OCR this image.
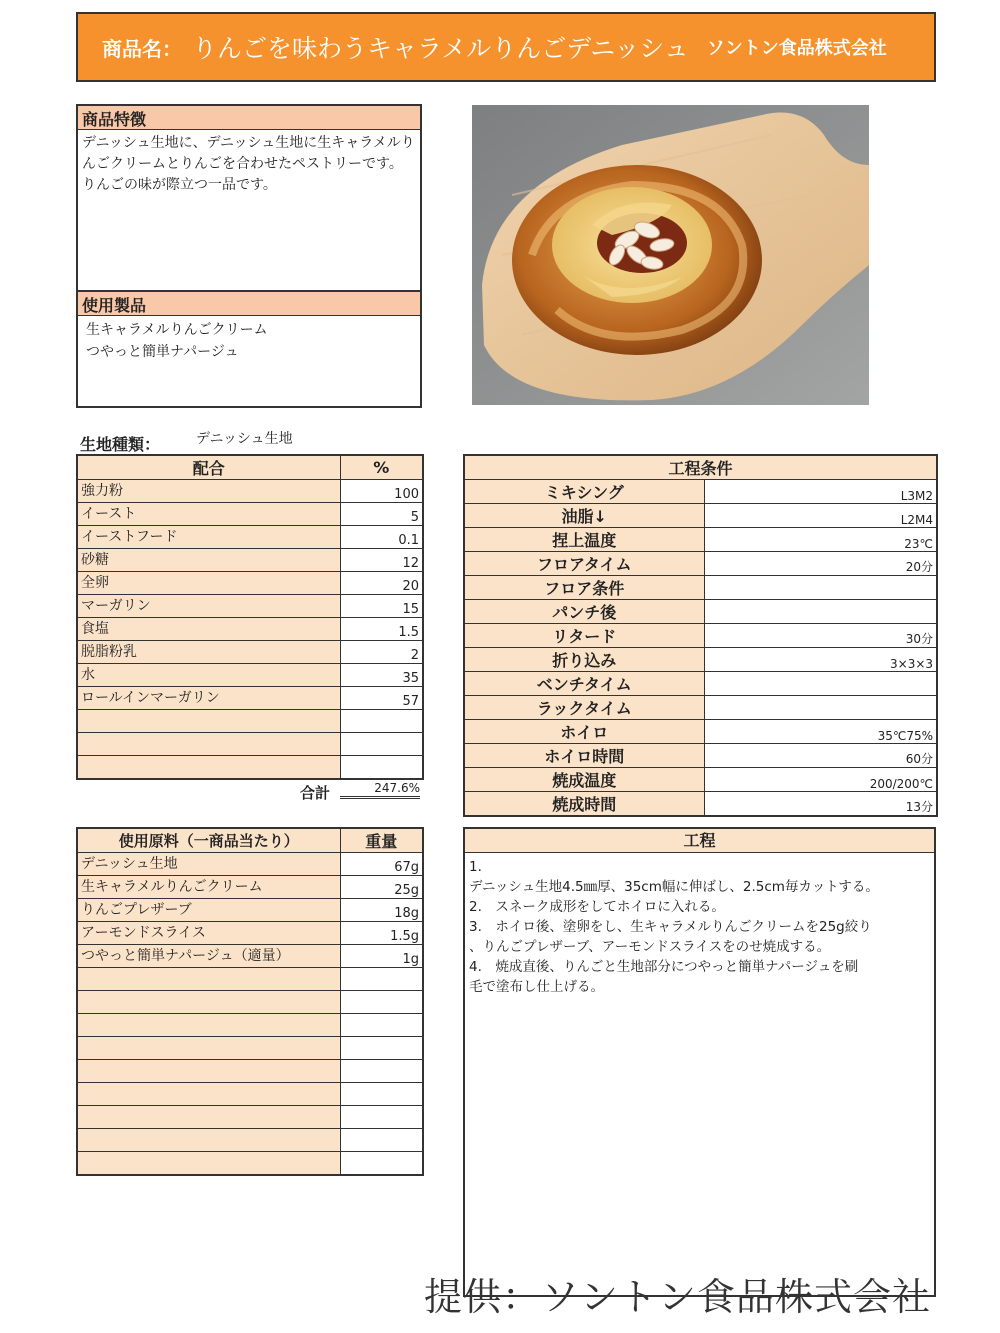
商品名： りんごを味わうキャラメルりんごデニッシュ ソントン食品株式会社
商品特徴
デニッシュ生地に、デニッシュ生地に生キャラメルりんごクリームとりんごを合わせたペストリーです。りんごの味が際立つ一品です。
使用製品
生キャラメルりんごクリーム
つやっと簡単ナパージュ
生地種類：	デニッシュ生地
配合	%
強力粉	100
イースト	5
イーストフード	0.1
砂糖	12
全卵	20
マーガリン	15
食塩	1.5
脱脂粉乳	2
水	35
ロールインマーガリン	57

合計	247.6%
工程条件	
ミキシング	L3M2
油脂↓	L2M4
捏上温度	23℃
フロアタイム	20分
フロア条件	
パンチ後	
リタード	30分
折り込み	3×3×3
ベンチタイム	
ラックタイム	
ホイロ	35℃75%
ホイロ時間	60分
焼成温度	200/200℃
焼成時間	13分
使用原料（一商品当たり）	重量
デニッシュ生地	67g
生キャラメルりんごクリーム	25g
りんごプレザーブ	18g
アーモンドスライス	1.5g
つやっと簡単ナパージュ（適量）	1g

工程
1.
デニッシュ生地4.5㎜厚、35cm幅に伸ばし、2.5cm毎カットする。
2.　スネーク成形をしてホイロに入れる。
3.　ホイロ後、塗卵をし、生キャラメルりんごクリームを25g絞り
、りんごプレザーブ、アーモンドスライスをのせ焼成する。
4.　焼成直後、りんごと生地部分につやっと簡単ナパージュを刷
毛で塗布し仕上げる。
提供：ソントン食品株式会社
